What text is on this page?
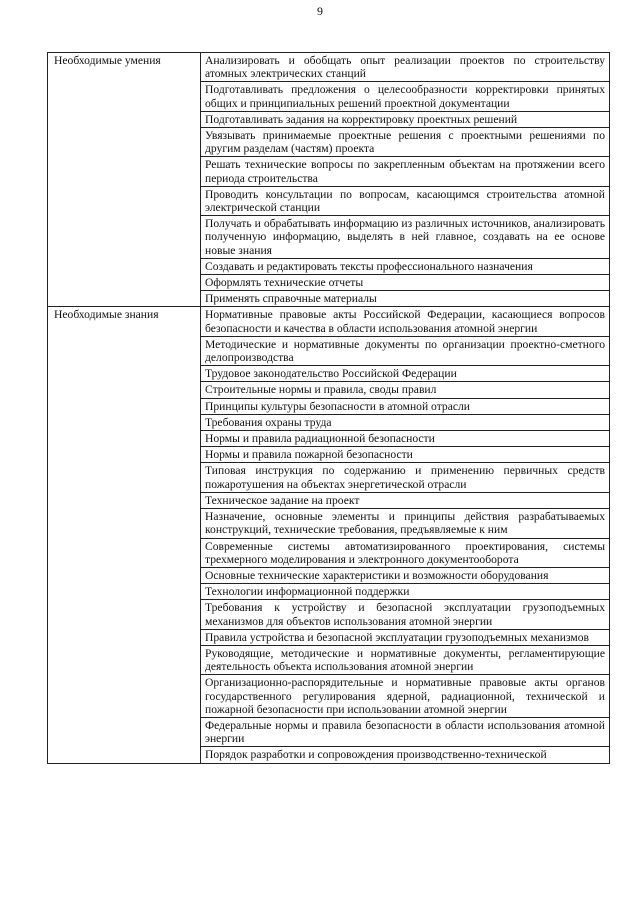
9
Необходимые умения	Анализировать и обобщать опыт реализации проектов по строительству атомных электрических станций
	Подготавливать предложения о целесообразности корректировки принятых общих и принципиальных решений проектной документации
	Подготавливать задания на корректировку проектных решений
	Увязывать принимаемые проектные решения с проектными решениями по другим разделам (частям) проекта
	Решать технические вопросы по закрепленным объектам на протяжении всего периода строительства
	Проводить консультации по вопросам, касающимся строительства атомной электрической станции
	Получать и обрабатывать информацию из различных источников, анализировать полученную информацию, выделять в ней главное, создавать на ее основе новые знания
	Создавать и редактировать тексты профессионального назначения
	Оформлять технические отчеты
	Применять справочные материалы
Необходимые знания	Нормативные правовые акты Российской Федерации, касающиеся вопросов безопасности и качества в области использования атомной энергии
	Методические и нормативные документы по организации проектно-сметного делопроизводства
	Трудовое законодательство Российской Федерации
	Строительные нормы и правила, своды правил
	Принципы культуры безопасности в атомной отрасли
	Требования охраны труда
	Нормы и правила радиационной безопасности
	Нормы и правила пожарной безопасности
	Типовая инструкция по содержанию и применению первичных средств пожаротушения на объектах энергетической отрасли
	Техническое задание на проект
	Назначение, основные элементы и принципы действия разрабатываемых конструкций, технические требования, предъявляемые к ним
	Современные системы автоматизированного проектирования, системы трехмерного моделирования и электронного документооборота
	Основные технические характеристики и возможности оборудования
	Технологии информационной поддержки
	Требования к устройству и безопасной эксплуатации грузоподъемных механизмов для объектов использования атомной энергии
	Правила устройства и безопасной эксплуатации грузоподъемных механизмов
	Руководящие, методические и нормативные документы, регламентирующие деятельность объекта использования атомной энергии
	Организационно-распорядительные и нормативные правовые акты органов государственного регулирования ядерной, радиационной, технической и пожарной безопасности при использовании атомной энергии
	Федеральные нормы и правила безопасности в области использования атомной энергии
	Порядок разработки и сопровождения производственно-технической
